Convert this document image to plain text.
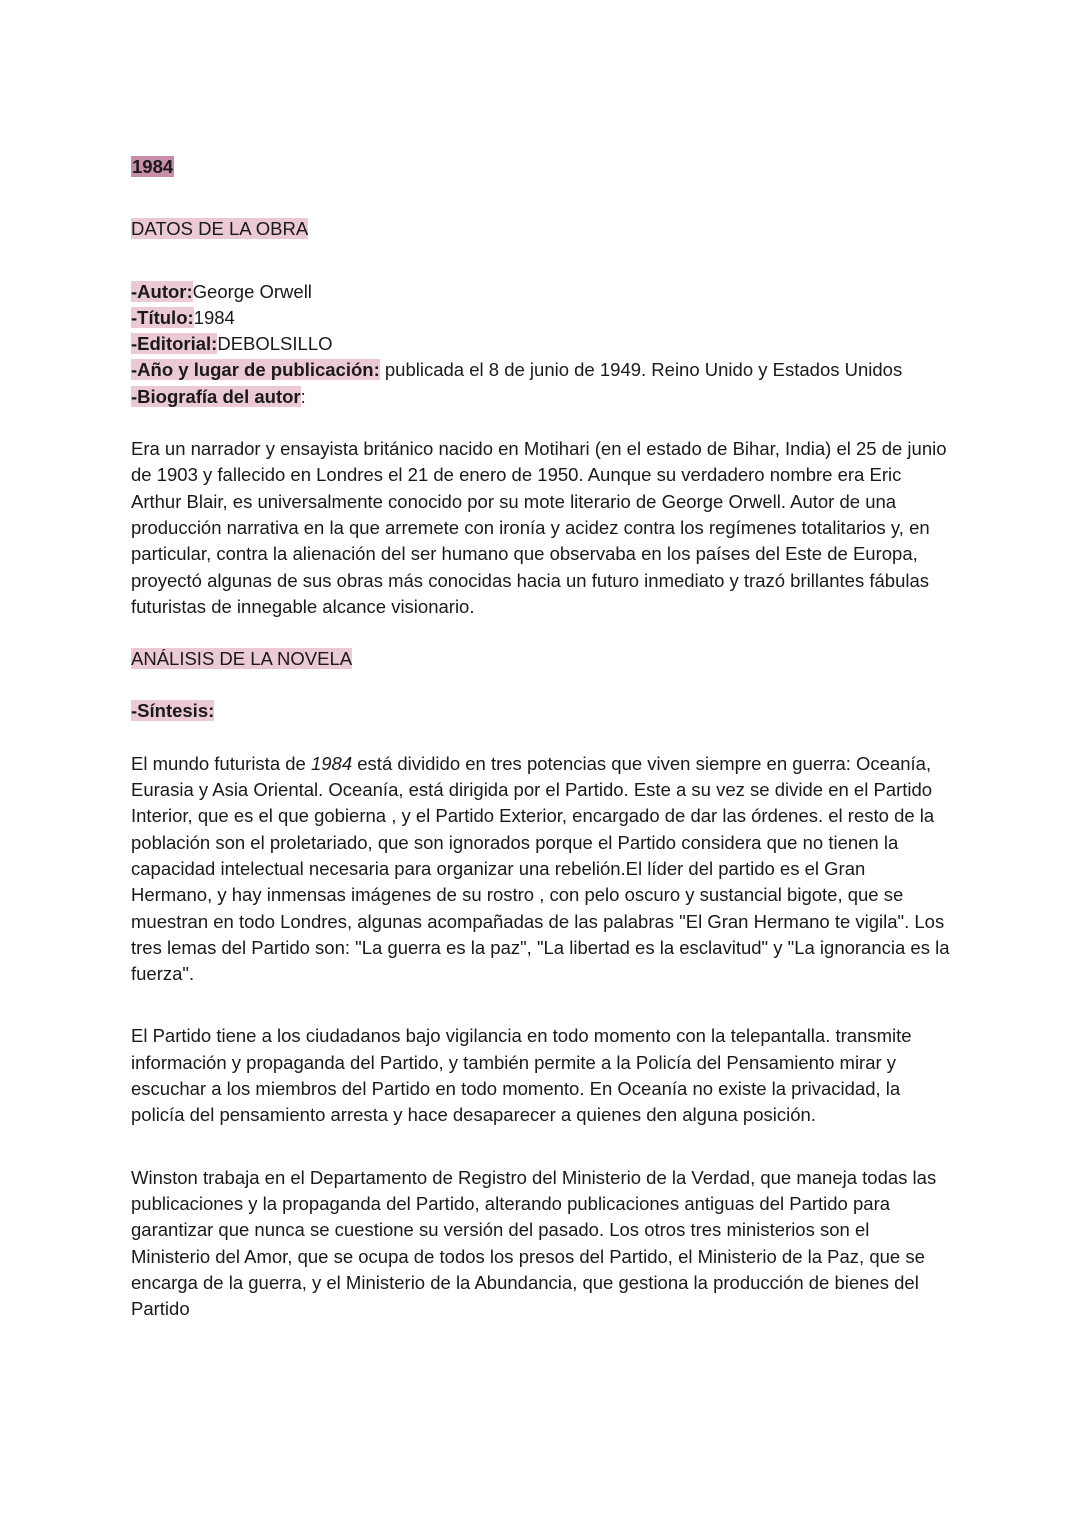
1984

DATOS DE LA OBRA

-Autor:George Orwell

-Título:1984

-Editorial:DEBOLSILLO

-Año y lugar de publicación: publicada el 8 de junio de 1949. Reino Unido y Estados Unidos

-Biografía del autor:

Era un narrador y ensayista británico nacido en Motihari (en el estado de Bihar, India) el 25 de junio de 1903 y fallecido en Londres el 21 de enero de 1950. Aunque su verdadero nombre era Eric Arthur Blair, es universalmente conocido por su mote literario de George Orwell. Autor de una producción narrativa en la que arremete con ironía y acidez contra los regímenes totalitarios y, en particular, contra la alienación del ser humano que observaba en los países del Este de Europa, proyectó algunas de sus obras más conocidas hacia un futuro inmediato y trazó brillantes fábulas futuristas de innegable alcance visionario.

ANÁLISIS DE LA NOVELA

-Síntesis:

El mundo futurista de 1984 está dividido en tres potencias que viven siempre en guerra: Oceanía, Eurasia y Asia Oriental. Oceanía, está dirigida por el Partido. Este a su vez se divide en el Partido Interior, que es el que gobierna , y el Partido Exterior, encargado de dar las órdenes. el resto de la población son el proletariado, que son ignorados porque el Partido considera que no tienen la capacidad intelectual necesaria para organizar una rebelión.El líder del partido es el Gran Hermano, y hay inmensas imágenes de su rostro , con pelo oscuro y sustancial bigote, que se muestran en todo Londres, algunas acompañadas de las palabras "El Gran Hermano te vigila". Los tres lemas del Partido son: "La guerra es la paz", "La libertad es la esclavitud" y "La ignorancia es la fuerza".

El Partido tiene a los ciudadanos bajo vigilancia en todo momento con la telepantalla. transmite información y propaganda del Partido, y también permite a la Policía del Pensamiento mirar y escuchar a los miembros del Partido en todo momento. En Oceanía no existe la privacidad, la policía del pensamiento arresta y hace desaparecer a quienes den alguna posición.

Winston trabaja en el Departamento de Registro del Ministerio de la Verdad, que maneja todas las publicaciones y la propaganda del Partido, alterando publicaciones antiguas del Partido para garantizar que nunca se cuestione su versión del pasado. Los otros tres ministerios son el Ministerio del Amor, que se ocupa de todos los presos del Partido, el Ministerio de la Paz, que se encarga de la guerra, y el Ministerio de la Abundancia, que gestiona la producción de bienes del Partido
